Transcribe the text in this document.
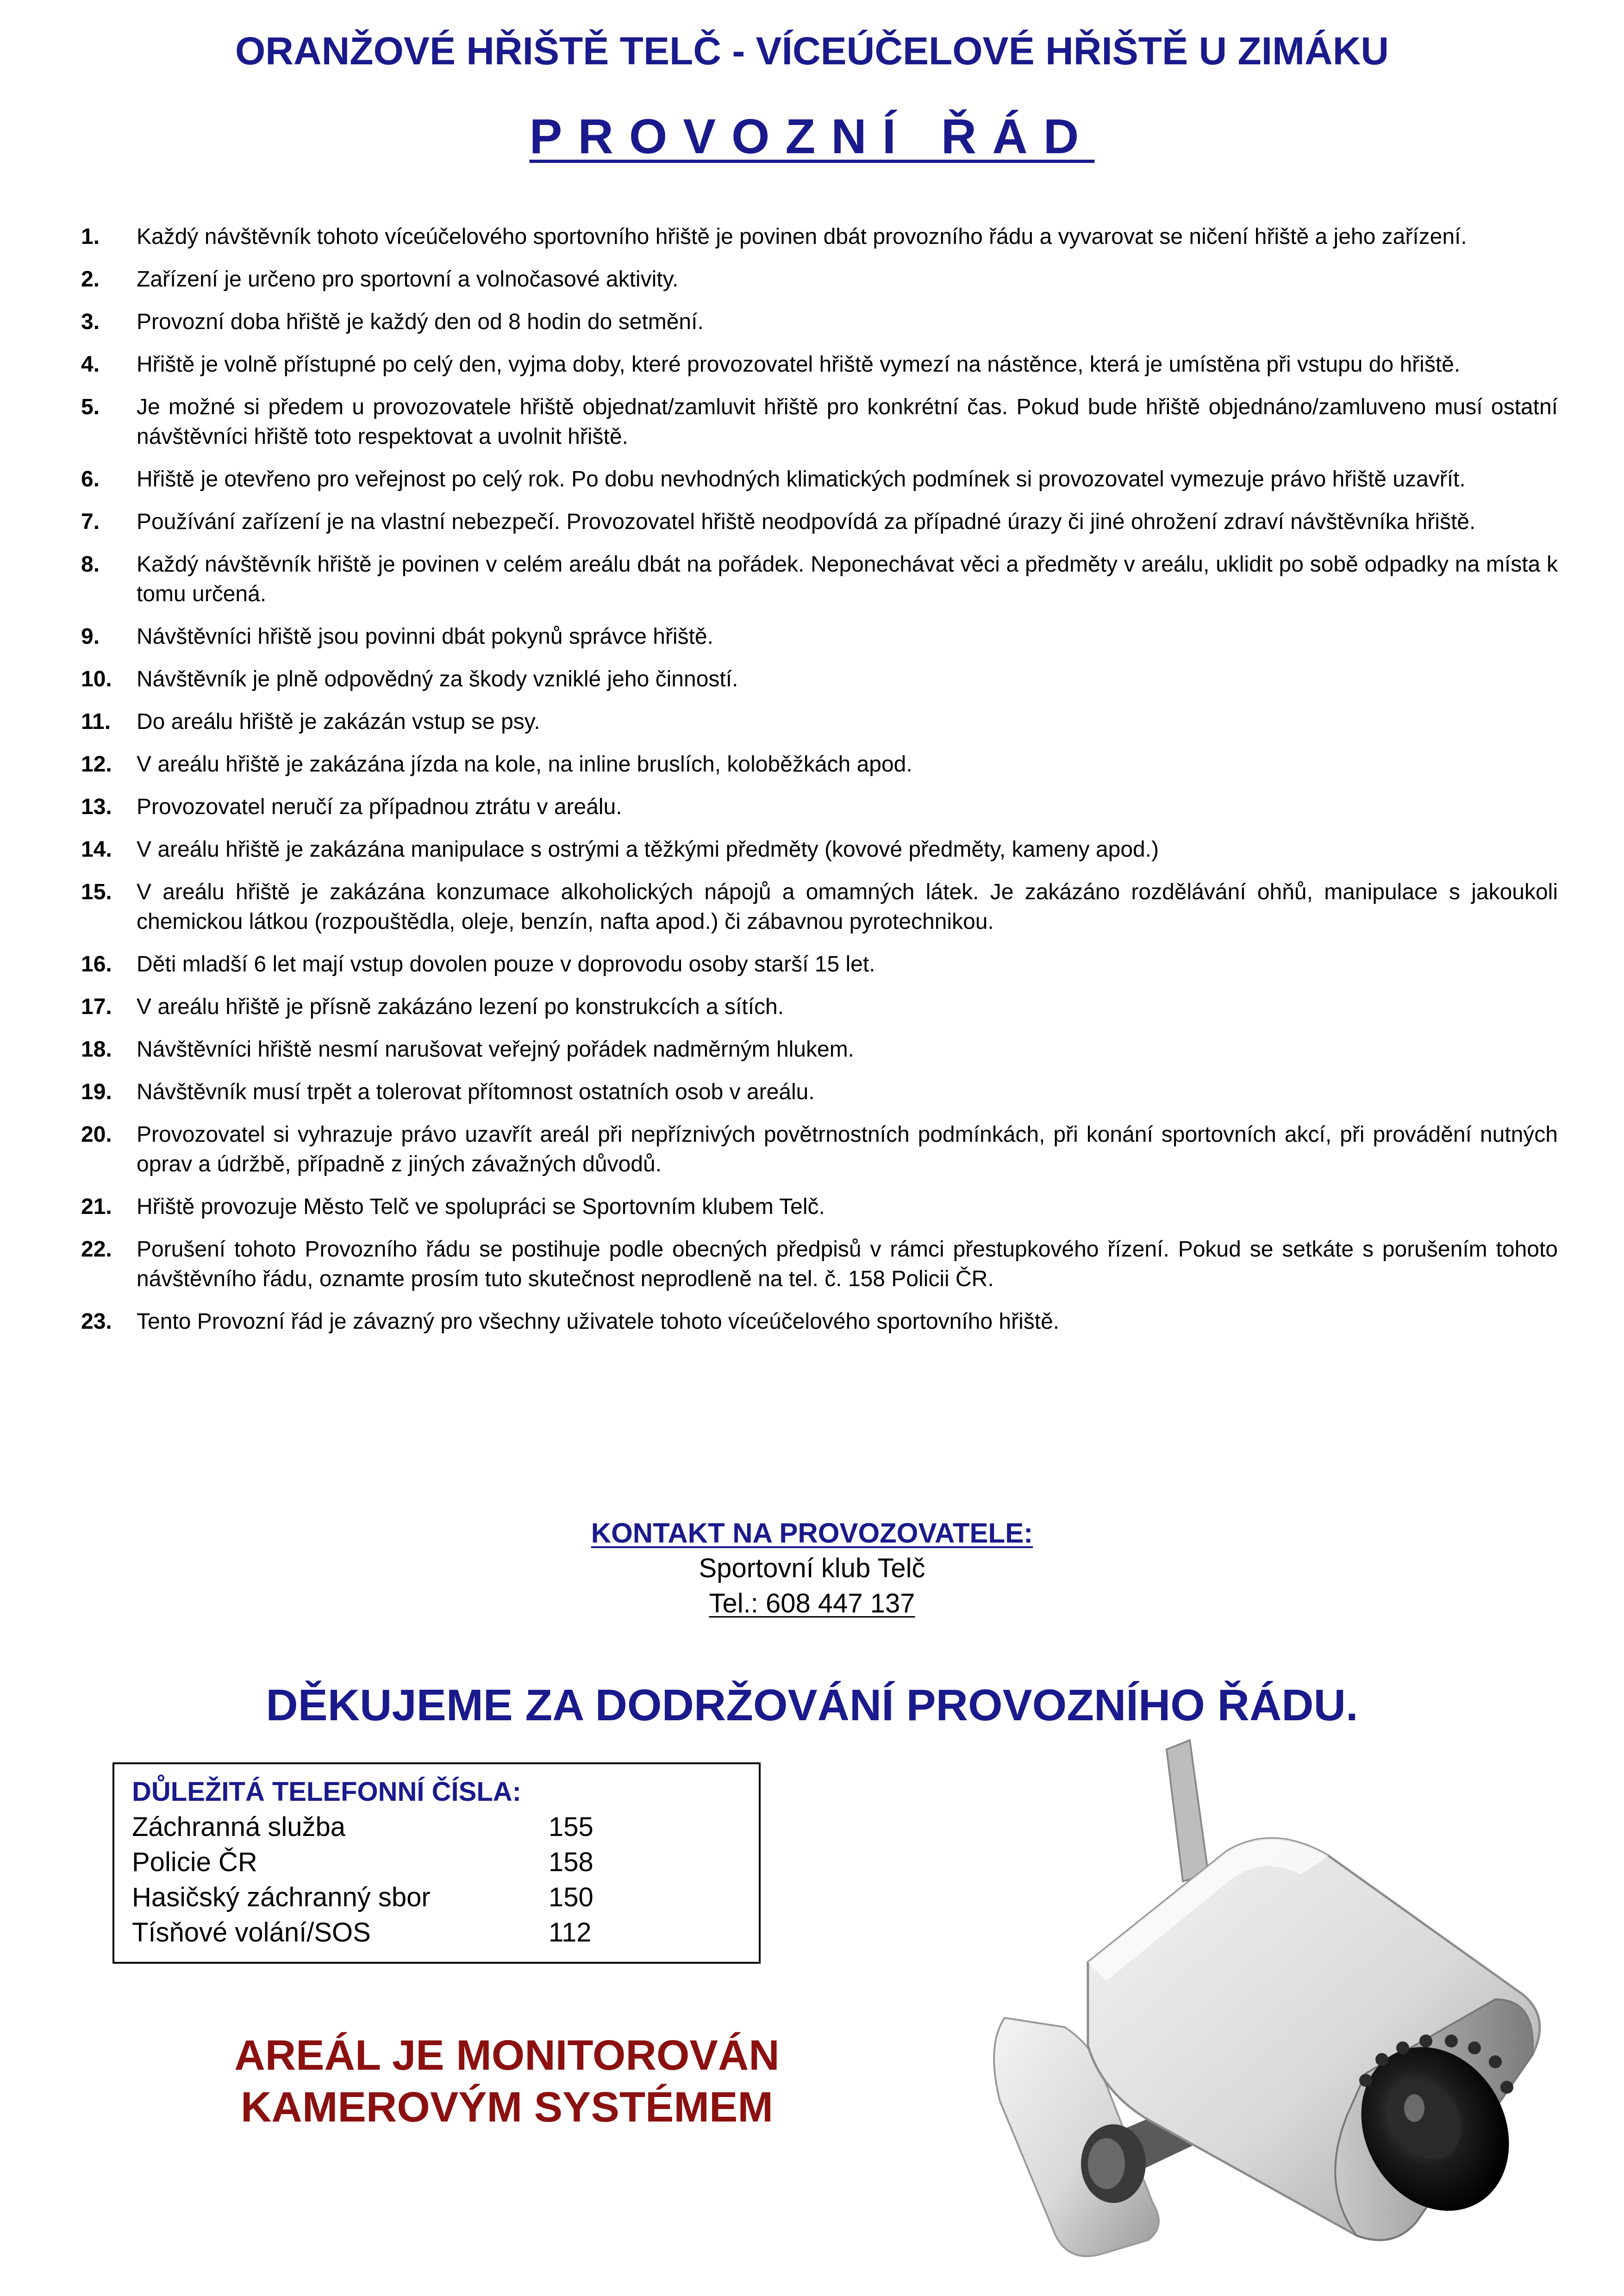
ORANŽOVÉ HŘIŠTĚ TELČ - VÍCEÚČELOVÉ HŘIŠTĚ U ZIMÁKU
PROVOZNÍ ŘÁD
1. Každý návštěvník tohoto víceúčelového sportovního hřiště je povinen dbát provozního řádu a vyvarovat se ničení hřiště a jeho zařízení.
2. Zařízení je určeno pro sportovní a volnočasové aktivity.
3. Provozní doba hřiště je každý den od 8 hodin do setmění.
4. Hřiště je volně přístupné po celý den, vyjma doby, které provozovatel hřiště vymezí na nástěnce, která je umístěna při vstupu do hřiště.
5. Je možné si předem u provozovatele hřiště objednat/zamluvit hřiště pro konkrétní čas. Pokud bude hřiště objednáno/zamluveno musí ostatní návštěvníci hřiště toto respektovat a uvolnit hřiště.
6. Hřiště je otevřeno pro veřejnost po celý rok. Po dobu nevhodných klimatických podmínek si provozovatel vymezuje právo hřiště uzavřít.
7. Používání zařízení je na vlastní nebezpečí. Provozovatel hřiště neodpovídá za případné úrazy či jiné ohrožení zdraví návštěvníka hřiště.
8. Každý návštěvník hřiště je povinen v celém areálu dbát na pořádek. Neponechávat věci a předměty v areálu, uklidit po sobě odpadky na místa k tomu určená.
9. Návštěvníci hřiště jsou povinni dbát pokynů správce hřiště.
10. Návštěvník je plně odpovědný za škody vzniklé jeho činností.
11. Do areálu hřiště je zakázán vstup se psy.
12. V areálu hřiště je zakázána jízda na kole, na inline bruslích, koloběžkách apod.
13. Provozovatel neručí za případnou ztrátu v areálu.
14. V areálu hřiště je zakázána manipulace s ostrými a těžkými předměty (kovové předměty, kameny apod.)
15. V areálu hřiště je zakázána konzumace alkoholických nápojů a omamných látek. Je zakázáno rozdělávání ohňů, manipulace s jakoukoli chemickou látkou (rozpouštědla, oleje, benzín, nafta apod.) či zábavnou pyrotechnikou.
16. Děti mladší 6 let mají vstup dovolen pouze v doprovodu osoby starší 15 let.
17. V areálu hřiště je přísně zakázáno lezení po konstrukcích a sítích.
18. Návštěvníci hřiště nesmí narušovat veřejný pořádek nadměrným hlukem.
19. Návštěvník musí trpět a tolerovat přítomnost ostatních osob v areálu.
20. Provozovatel si vyhrazuje právo uzavřít areál při nepříznivých povětrnostních podmínkách, při konání sportovních akcí, při provádění nutných oprav a údržbě, případně z jiných závažných důvodů.
21. Hřiště provozuje Město Telč ve spolupráci se Sportovním klubem Telč.
22. Porušení tohoto Provozního řádu se postihuje podle obecných předpisů v rámci přestupkového řízení. Pokud se setkáte s porušením tohoto návštěvního řádu, oznamte prosím tuto skutečnost neprodleně na tel. č. 158 Policii ČR.
23. Tento Provozní řád je závazný pro všechny uživatele tohoto víceúčelového sportovního hřiště.
KONTAKT NA PROVOZOVATELE:
Sportovní klub Telč
Tel.: 608 447 137
DĚKUJEME ZA DODRŽOVÁNÍ PROVOZNÍHO ŘÁDU.
DŮLEŽITÁ TELEFONNÍ ČÍSLA:
Záchranná služba	155
Policie ČR	158
Hasičský záchranný sbor	150
Tísňové volání/SOS	112
AREÁL JE MONITOROVÁN
KAMEROVÝM SYSTÉMEM
